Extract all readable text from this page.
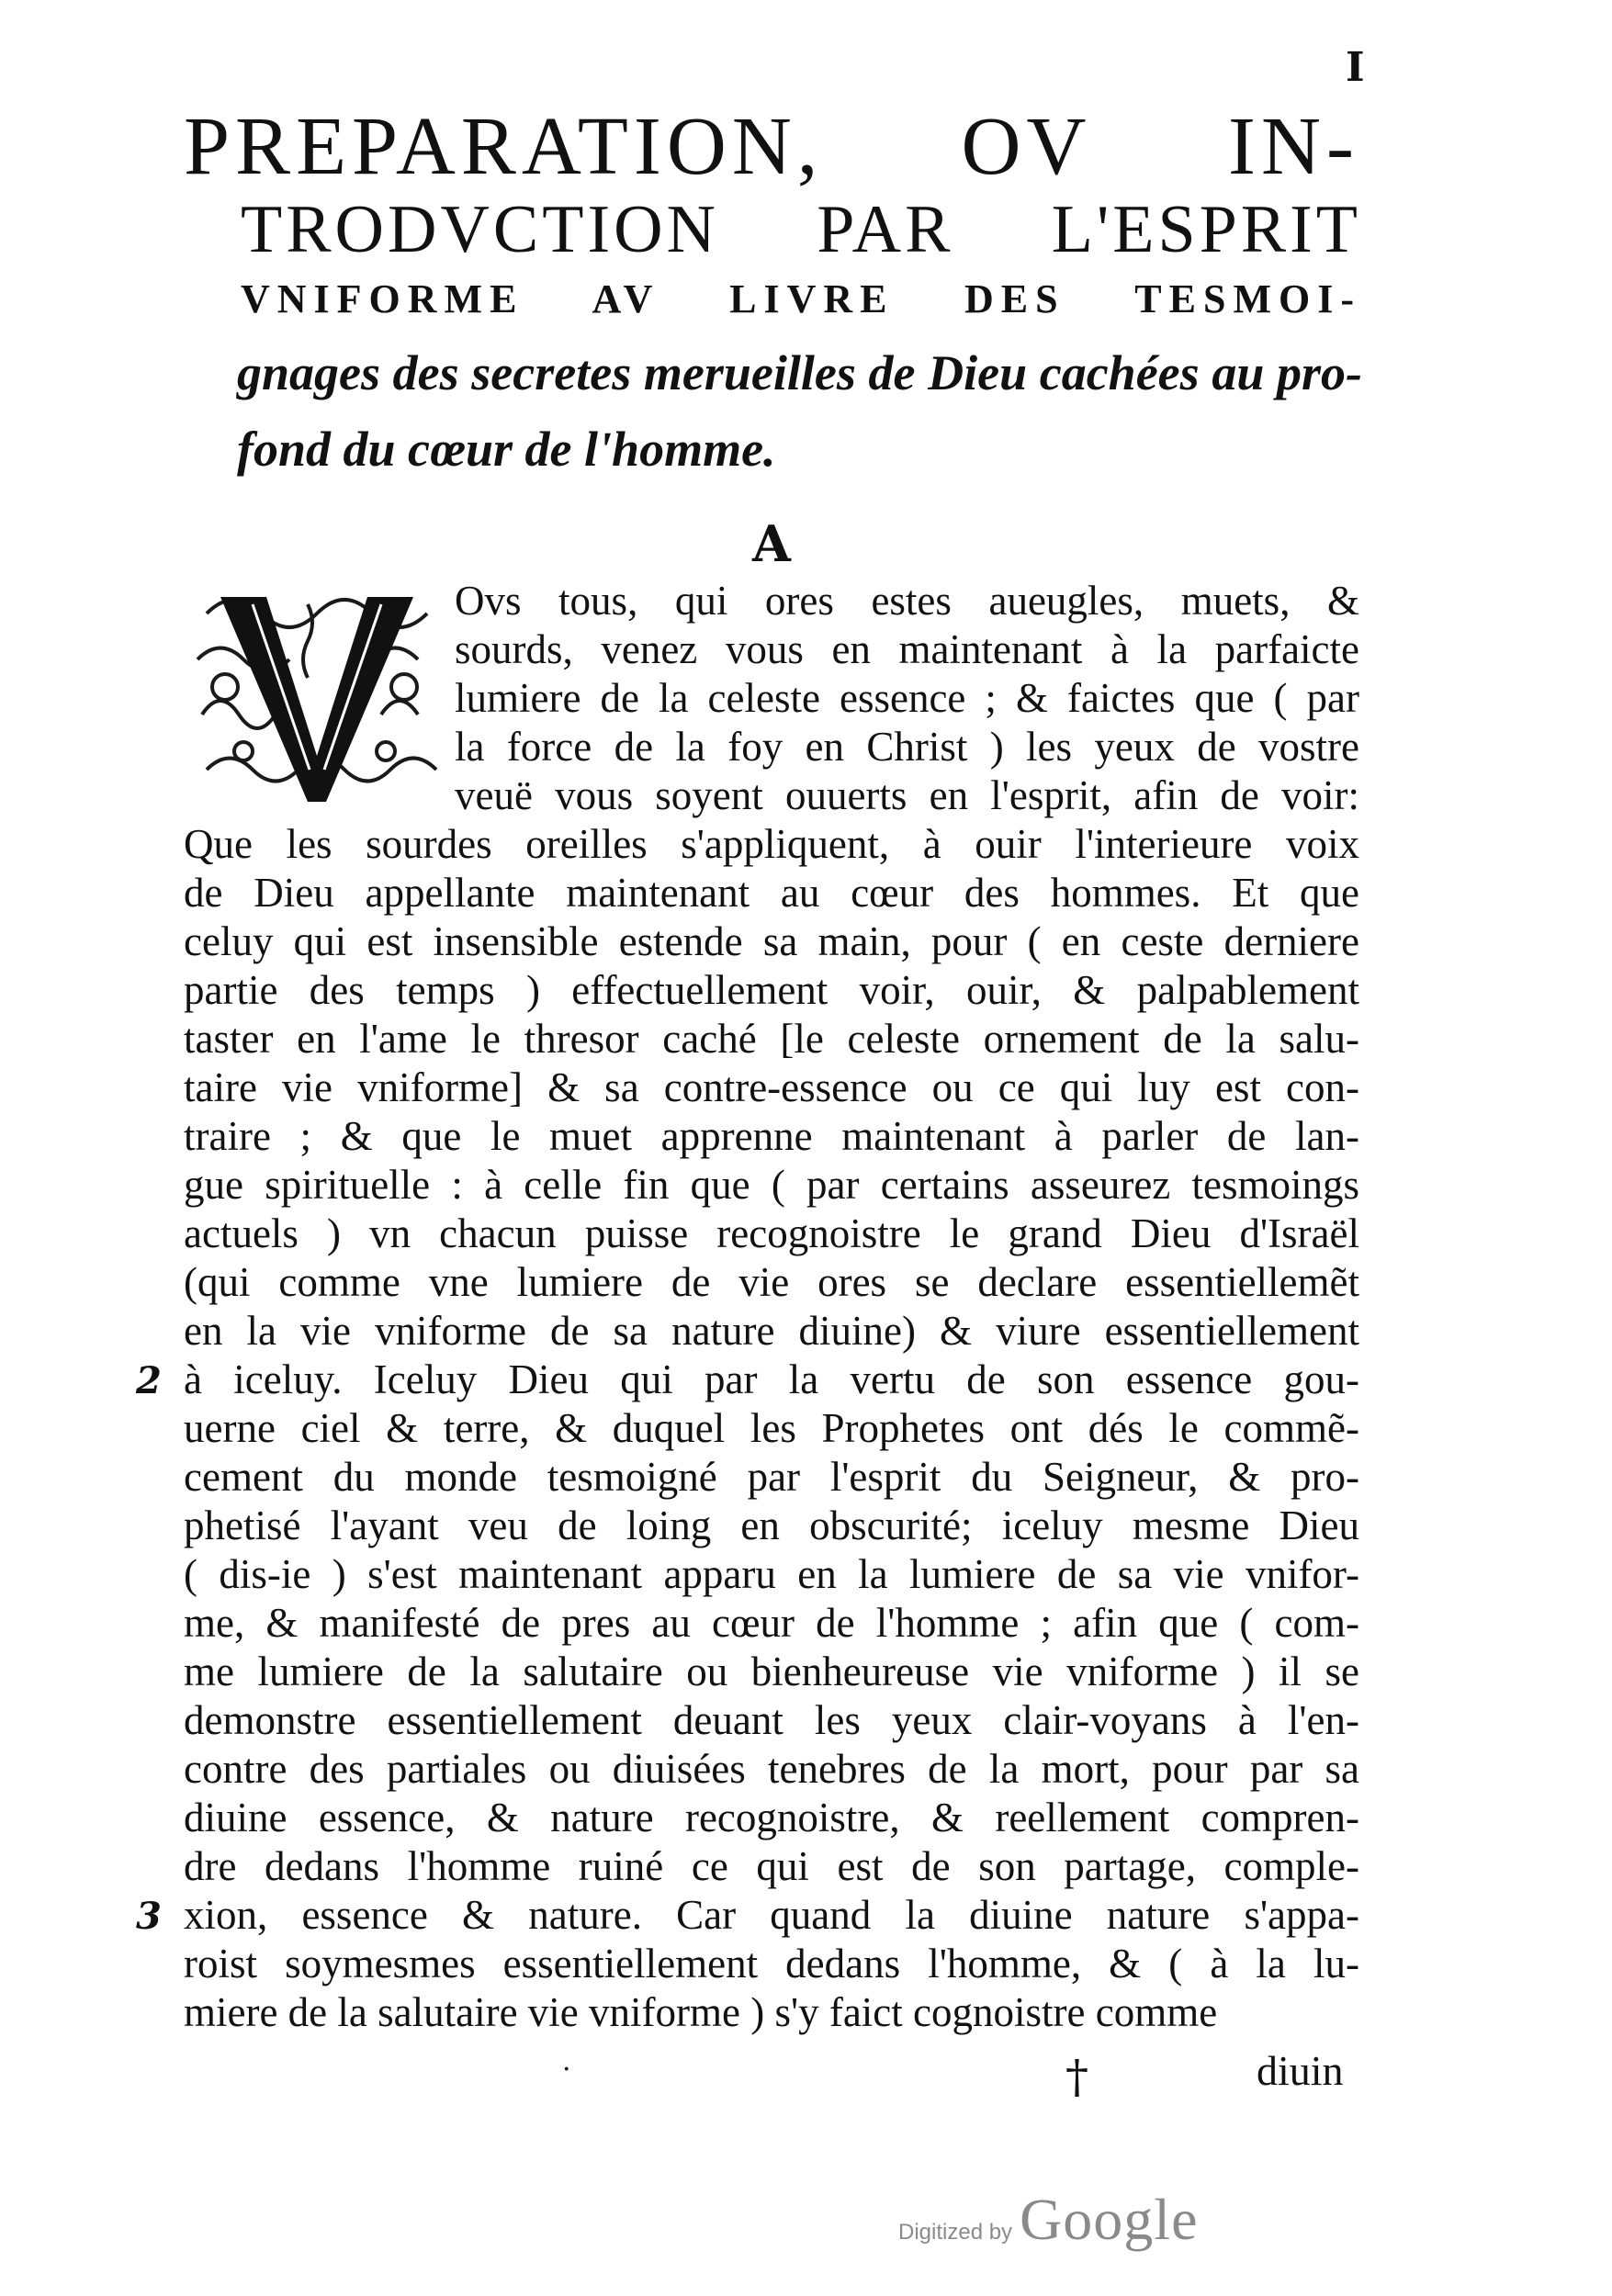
I
PREPARATION, OV IN-
TRODVCTION PAR L'ESPRIT
VNIFORME AV LIVRE DES TESMOI-
gnages des secretes merueilles de Dieu cachées au pro-
fond du cœur de l'homme.
A
V
Ovs tous, qui ores estes aueugles, muets, &
sourds, venez vous en maintenant à la parfaicte
lumiere de la celeste essence ; & faictes que ( par
la force de la foy en Christ ) les yeux de vostre
veuë vous soyent ouuerts en l'esprit, afin de voir:
Que les sourdes oreilles s'appliquent, à ouir l'interieure voix
de Dieu appellante maintenant au cœur des hommes. Et que
celuy qui est insensible estende sa main, pour ( en ceste derniere
partie des temps ) effectuellement voir, ouir, & palpablement
taster en l'ame le thresor caché [le celeste ornement de la salu-
taire vie vniforme] & sa contre-essence ou ce qui luy est con-
traire ; & que le muet apprenne maintenant à parler de lan-
gue spirituelle : à celle fin que ( par certains asseurez tesmoings
actuels ) vn chacun puisse recognoistre le grand Dieu d'Israël
(qui comme vne lumiere de vie ores se declare essentiellemẽt
en la vie vniforme de sa nature diuine) & viure essentiellement
à iceluy. Iceluy Dieu qui par la vertu de son essence gou-
uerne ciel & terre, & duquel les Prophetes ont dés le commẽ-
cement du monde tesmoigné par l'esprit du Seigneur, & pro-
phetisé l'ayant veu de loing en obscurité; iceluy mesme Dieu
( dis-ie ) s'est maintenant apparu en la lumiere de sa vie vnifor-
me, & manifesté de pres au cœur de l'homme ; afin que ( com-
me lumiere de la salutaire ou bienheureuse vie vniforme ) il se
demonstre essentiellement deuant les yeux clair-voyans à l'en-
contre des partiales ou diuisées tenebres de la mort, pour par sa
diuine essence, & nature recognoistre, & reellement compren-
dre dedans l'homme ruiné ce qui est de son partage, comple-
xion, essence & nature. Car quand la diuine nature s'appa-
roist soymesmes essentiellement dedans l'homme, & ( à la lu-
miere de la salutaire vie vniforme ) s'y faict cognoistre comme
2
3
·	†	diuin
Digitized by Google
